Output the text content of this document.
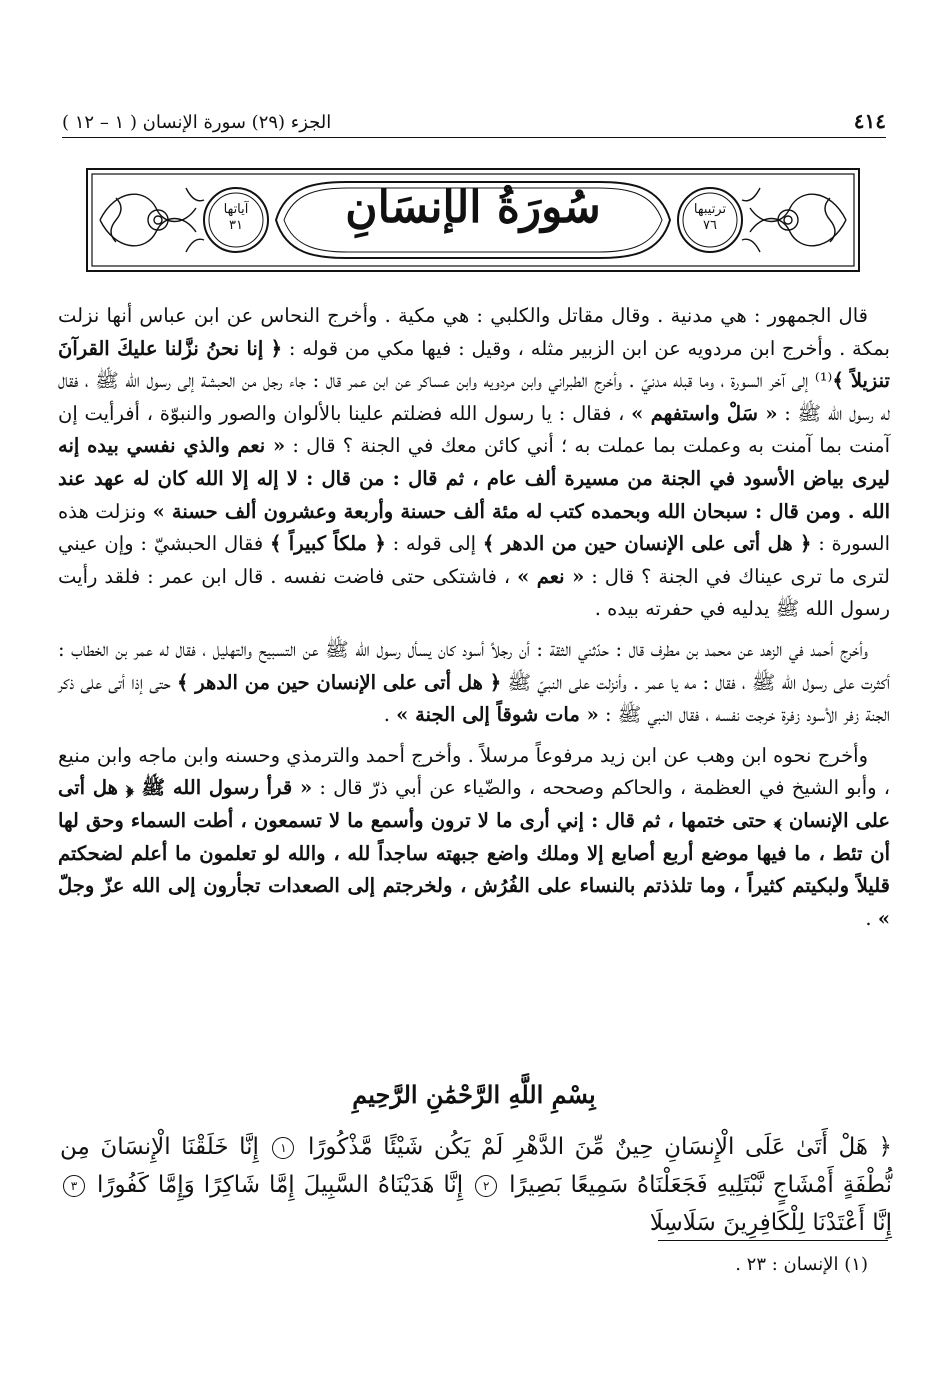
٤١٤
الجزء (٢٩) سورة الإنسان ( ١ – ١٢ )
سُورَةُ الإنسَانِ
آياتها
٣١
ترتيبها
٧٦

قال الجمهور : هي مدنية . وقال مقاتل والكلبي : هي مكية . وأخرج النحاس عن ابن عباس أنها نزلت بمكة . وأخرج ابن مردويه عن ابن الزبير مثله ، وقيل : فيها مكي من قوله : ﴿ إنا نحنُ نزَّلنا عليكَ القرآنَ تنزيلاً ﴾⁽¹⁾ إلى آخر السورة ، وما قبله مدنيّ . وأخرج الطبراني وابن مردويه وابن عساكر عن ابن عمر قال : جاء رجل من الحبشة إلى رسول الله ﷺ ، فقال له رسول الله ﷺ : « سَلْ واستفهم » ، فقال : يا رسول الله فضلتم علينا بالألوان والصور والنبوّة ، أفرأيت إن آمنت بما آمنت به وعملت بما عملت به ؛ أني كائن معك في الجنة ؟ قال : « نعم والذي نفسي بيده إنه ليرى بياض الأسود في الجنة من مسيرة ألف عام ، ثم قال : من قال : لا إله إلا الله كان له عهد عند الله . ومن قال : سبحان الله وبحمده كتب له مئة ألف حسنة وأربعة وعشرون ألف حسنة » ونزلت هذه السورة : ﴿ هل أتى على الإنسان حين من الدهر ﴾ إلى قوله : ﴿ ملكاً كبيراً ﴾ فقال الحبشيّ : وإن عيني لترى ما ترى عيناك في الجنة ؟ قال : « نعم » ، فاشتكى حتى فاضت نفسه . قال ابن عمر : فلقد رأيت رسول الله ﷺ يدليه في حفرته بيده .

وأخرج أحمد في الزهد عن محمد بن مطرف قال : حدّثني الثقة : أن رجلاً أسود كان يسأل رسول الله ﷺ عن التسبيح والتهليل ، فقال له عمر بن الخطاب : أكثرت على رسول الله ﷺ ، فقال : مه يا عمر . وأنزلت على النبيّ ﷺ ﴿ هل أتى على الإنسان حين من الدهر ﴾ حتى إذا أتى على ذكر الجنة زفر الأسود زفرة خرجت نفسه ، فقال النبي ﷺ : « مات شوقاً إلى الجنة » .

وأخرج نحوه ابن وهب عن ابن زيد مرفوعاً مرسلاً . وأخرج أحمد والترمذي وحسنه وابن ماجه وابن منيع ، وأبو الشيخ في العظمة ، والحاكم وصححه ، والضّياء عن أبي ذرّ قال : « قرأ رسول الله ﷺ ﴿ هل أتى على الإنسان ﴾ حتى ختمها ، ثم قال : إني أرى ما لا ترون وأسمع ما لا تسمعون ، أطت السماء وحق لها أن تئط ، ما فيها موضع أربع أصابع إلا وملك واضع جبهته ساجداً لله ، والله لو تعلمون ما أعلم لضحكتم قليلاً ولبكيتم كثيراً ، وما تلذذتم بالنساء على الفُرُش ، ولخرجتم إلى الصعدات تجأرون إلى الله عزّ وجلّ » .

بِسْمِ اللَّهِ الرَّحْمَٰنِ الرَّحِيمِ
﴿ هَلْ أَتَىٰ عَلَى الْإِنسَانِ حِينٌ مِّنَ الدَّهْرِ لَمْ يَكُن شَيْئًا مَّذْكُورًا ١ إِنَّا خَلَقْنَا الْإِنسَانَ مِن نُّطْفَةٍ أَمْشَاجٍ نَّبْتَلِيهِ فَجَعَلْنَاهُ سَمِيعًا بَصِيرًا ٢ إِنَّا هَدَيْنَاهُ السَّبِيلَ إِمَّا شَاكِرًا وَإِمَّا كَفُورًا ٣ إِنَّا أَعْتَدْنَا لِلْكَافِرِينَ سَلَاسِلَا
(١) الإنسان : ٢٣ .
